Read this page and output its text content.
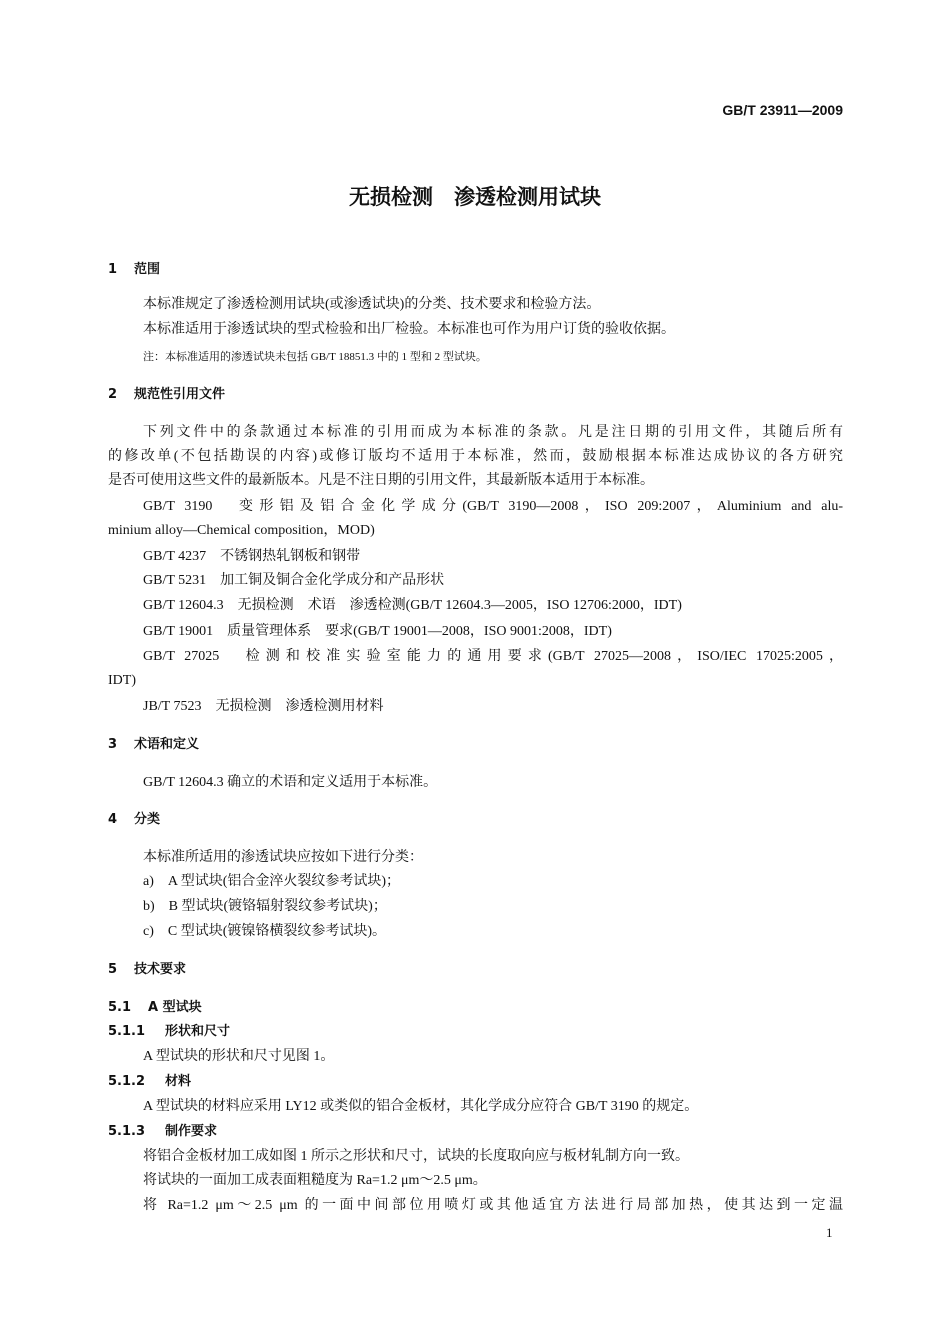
GB/T 23911—2009
无损检测　渗透检测用试块
1 范围
本标准规定了渗透检测用试块(或渗透试块)的分类、技术要求和检验方法。
本标准适用于渗透试块的型式检验和出厂检验。本标准也可作为用户订货的验收依据。
注：本标准适用的渗透试块未包括 GB/T 18851.3 中的 1 型和 2 型试块。
2 规范性引用文件
下列文件中的条款通过本标准的引用而成为本标准的条款。凡是注日期的引用文件，其随后所有
的修改单(不包括勘误的内容)或修订版均不适用于本标准，然而，鼓励根据本标准达成协议的各方研究
是否可使用这些文件的最新版本。凡是不注日期的引用文件，其最新版本适用于本标准。
GB/T 3190　变形铝及铝合金化学成分(GB/T 3190—2008，ISO 209:2007，Aluminium and alu-
minium alloy—Chemical composition，MOD)
GB/T 4237　不锈钢热轧钢板和钢带
GB/T 5231　加工铜及铜合金化学成分和产品形状
GB/T 12604.3　无损检测　术语　渗透检测(GB/T 12604.3—2005，ISO 12706:2000，IDT)
GB/T 19001　质量管理体系　要求(GB/T 19001—2008，ISO 9001:2008，IDT)
GB/T 27025　检测和校准实验室能力的通用要求(GB/T 27025—2008，ISO/IEC 17025:2005，
IDT)
JB/T 7523　无损检测　渗透检测用材料
3 术语和定义
GB/T 12604.3 确立的术语和定义适用于本标准。
4 分类
本标准所适用的渗透试块应按如下进行分类：
a)　A 型试块(铝合金淬火裂纹参考试块)；
b)　B 型试块(镀铬辐射裂纹参考试块)；
c)　C 型试块(镀镍铬横裂纹参考试块)。
5 技术要求
5.1 A 型试块
5.1.1 形状和尺寸
A 型试块的形状和尺寸见图 1。
5.1.2 材料
A 型试块的材料应采用 LY12 或类似的铝合金板材，其化学成分应符合 GB/T 3190 的规定。
5.1.3 制作要求
将铝合金板材加工成如图 1 所示之形状和尺寸，试块的长度取向应与板材轧制方向一致。
将试块的一面加工成表面粗糙度为 Ra=1.2 μm～2.5 μm。
将 Ra=1.2 μm～2.5 μm 的一面中间部位用喷灯或其他适宜方法进行局部加热，使其达到一定温
1
